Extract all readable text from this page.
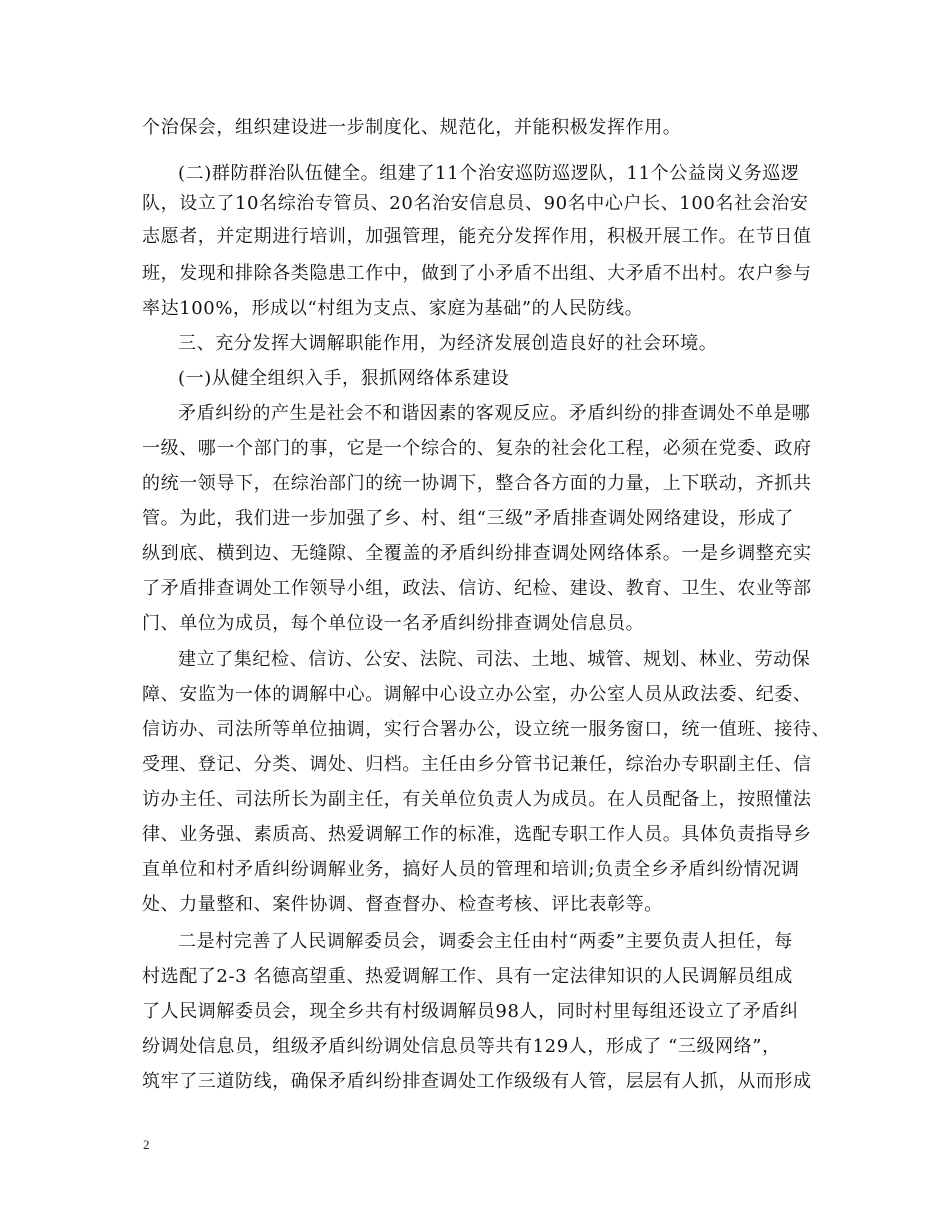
个治保会，组织建设进一步制度化、规范化，并能积极发挥作用。
(二)群防群治队伍健全。组建了11个治安巡防巡逻队，11个公益岗义务巡逻
队，设立了10名综治专管员、20名治安信息员、90名中心户长、100名社会治安
志愿者，并定期进行培训，加强管理，能充分发挥作用，积极开展工作。在节日值
班，发现和排除各类隐患工作中，做到了小矛盾不出组、大矛盾不出村。农户参与
率达100%，形成以“村组为支点、家庭为基础”的人民防线。
三、充分发挥大调解职能作用，为经济发展创造良好的社会环境。
(一)从健全组织入手，狠抓网络体系建设
矛盾纠纷的产生是社会不和谐因素的客观反应。矛盾纠纷的排查调处不单是哪
一级、哪一个部门的事，它是一个综合的、复杂的社会化工程，必须在党委、政府
的统一领导下，在综治部门的统一协调下，整合各方面的力量，上下联动，齐抓共
管。为此，我们进一步加强了乡、村、组“三级”矛盾排查调处网络建设，形成了
纵到底、横到边、无缝隙、全覆盖的矛盾纠纷排查调处网络体系。一是乡调整充实
了矛盾排查调处工作领导小组，政法、信访、纪检、建设、教育、卫生、农业等部
门、单位为成员，每个单位设一名矛盾纠纷排查调处信息员。
建立了集纪检、信访、公安、法院、司法、土地、城管、规划、林业、劳动保
障、安监为一体的调解中心。调解中心设立办公室，办公室人员从政法委、纪委、
信访办、司法所等单位抽调，实行合署办公，设立统一服务窗口，统一值班、接待、
受理、登记、分类、调处、归档。主任由乡分管书记兼任，综治办专职副主任、信
访办主任、司法所长为副主任，有关单位负责人为成员。在人员配备上，按照懂法
律、业务强、素质高、热爱调解工作的标准，选配专职工作人员。具体负责指导乡
直单位和村矛盾纠纷调解业务，搞好人员的管理和培训;负责全乡矛盾纠纷情况调
处、力量整和、案件协调、督查督办、检查考核、评比表彰等。
二是村完善了人民调解委员会，调委会主任由村“两委”主要负责人担任，每
村选配了2-3 名德高望重、热爱调解工作、具有一定法律知识的人民调解员组成
了人民调解委员会，现全乡共有村级调解员98人，同时村里每组还设立了矛盾纠
纷调处信息员，组级矛盾纠纷调处信息员等共有129人，形成了 “三级网络”，
筑牢了三道防线，确保矛盾纠纷排查调处工作级级有人管，层层有人抓，从而形成
2
